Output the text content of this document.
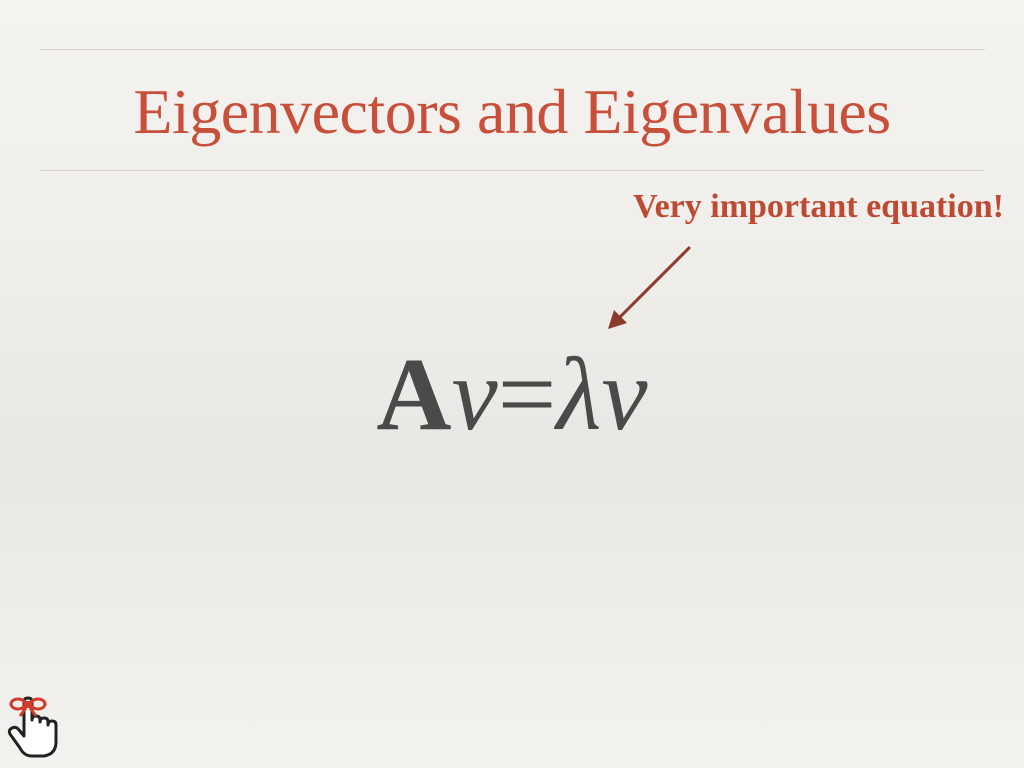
Eigenvectors and Eigenvalues
Very important equation!
Av=λv
